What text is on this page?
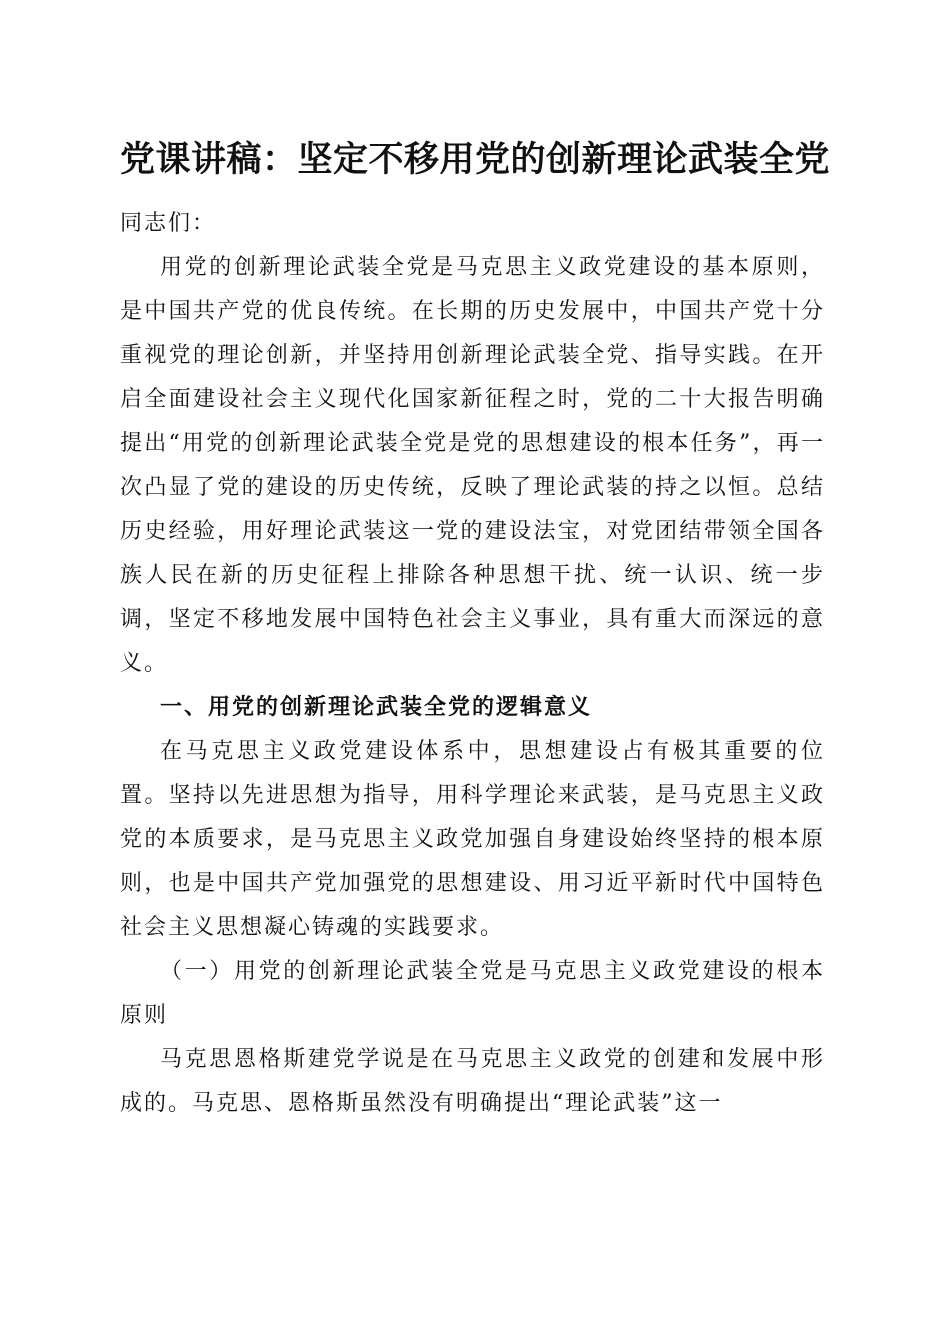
党课讲稿：坚定不移用党的创新理论武装全党

同志们：

用党的创新理论武装全党是马克思主义政党建设的基本原则，是中国共产党的优良传统。在长期的历史发展中，中国共产党十分重视党的理论创新，并坚持用创新理论武装全党、指导实践。在开启全面建设社会主义现代化国家新征程之时，党的二十大报告明确提出“用党的创新理论武装全党是党的思想建设的根本任务”，再一次凸显了党的建设的历史传统，反映了理论武装的持之以恒。总结历史经验，用好理论武装这一党的建设法宝，对党团结带领全国各族人民在新的历史征程上排除各种思想干扰、统一认识、统一步调，坚定不移地发展中国特色社会主义事业，具有重大而深远的意义。

一、用党的创新理论武装全党的逻辑意义

在马克思主义政党建设体系中，思想建设占有极其重要的位置。坚持以先进思想为指导，用科学理论来武装，是马克思主义政党的本质要求，是马克思主义政党加强自身建设始终坚持的根本原则，也是中国共产党加强党的思想建设、用习近平新时代中国特色社会主义思想凝心铸魂的实践要求。

（一）用党的创新理论武装全党是马克思主义政党建设的根本原则

马克思恩格斯建党学说是在马克思主义政党的创建和发展中形成的。马克思、恩格斯虽然没有明确提出“理论武装”这一
